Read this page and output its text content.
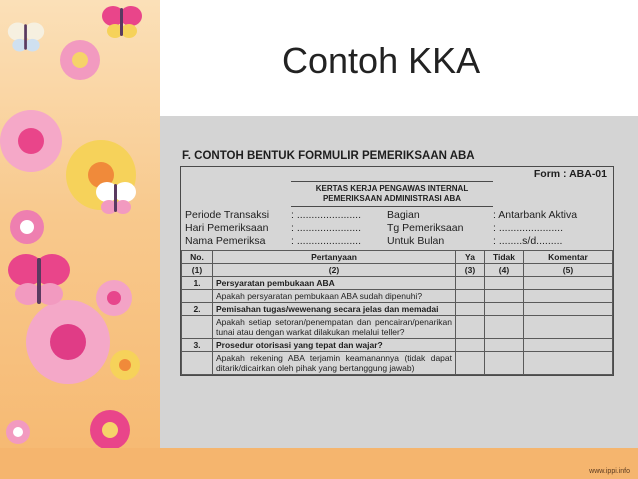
Contoh KKA
F. CONTOH BENTUK FORMULIR PEMERIKSAAN ABA
Form : ABA-01
KERTAS KERJA PENGAWAS INTERNAL
PEMERIKSAAN ADMINISTRASI ABA
Periode Transaksi	: ......................	Bagian	: Antarbank Aktiva
Hari Pemeriksaan	: ......................	Tg Pemeriksaan	: ......................
Nama Pemeriksa	: ......................	Untuk Bulan	: ........s/d.........
No.	Pertanyaan	Ya	Tidak	Komentar
(1)	(2)	(3)	(4)	(5)
1.	Persyaratan pembukaan ABA			
	Apakah persyaratan pembukaan ABA sudah dipenuhi?			
2.	Pemisahan tugas/wewenang secara jelas dan memadai			
	Apakah setiap setoran/penempatan dan pencairan/penarikan tunai atau dengan warkat dilakukan melalui teller?			
3.	Prosedur otorisasi yang tepat dan wajar?			
	Apakah rekening ABA terjamin keamanannya (tidak dapat ditarik/dicairkan oleh pihak yang bertanggung jawab)			
www.ippi.info
